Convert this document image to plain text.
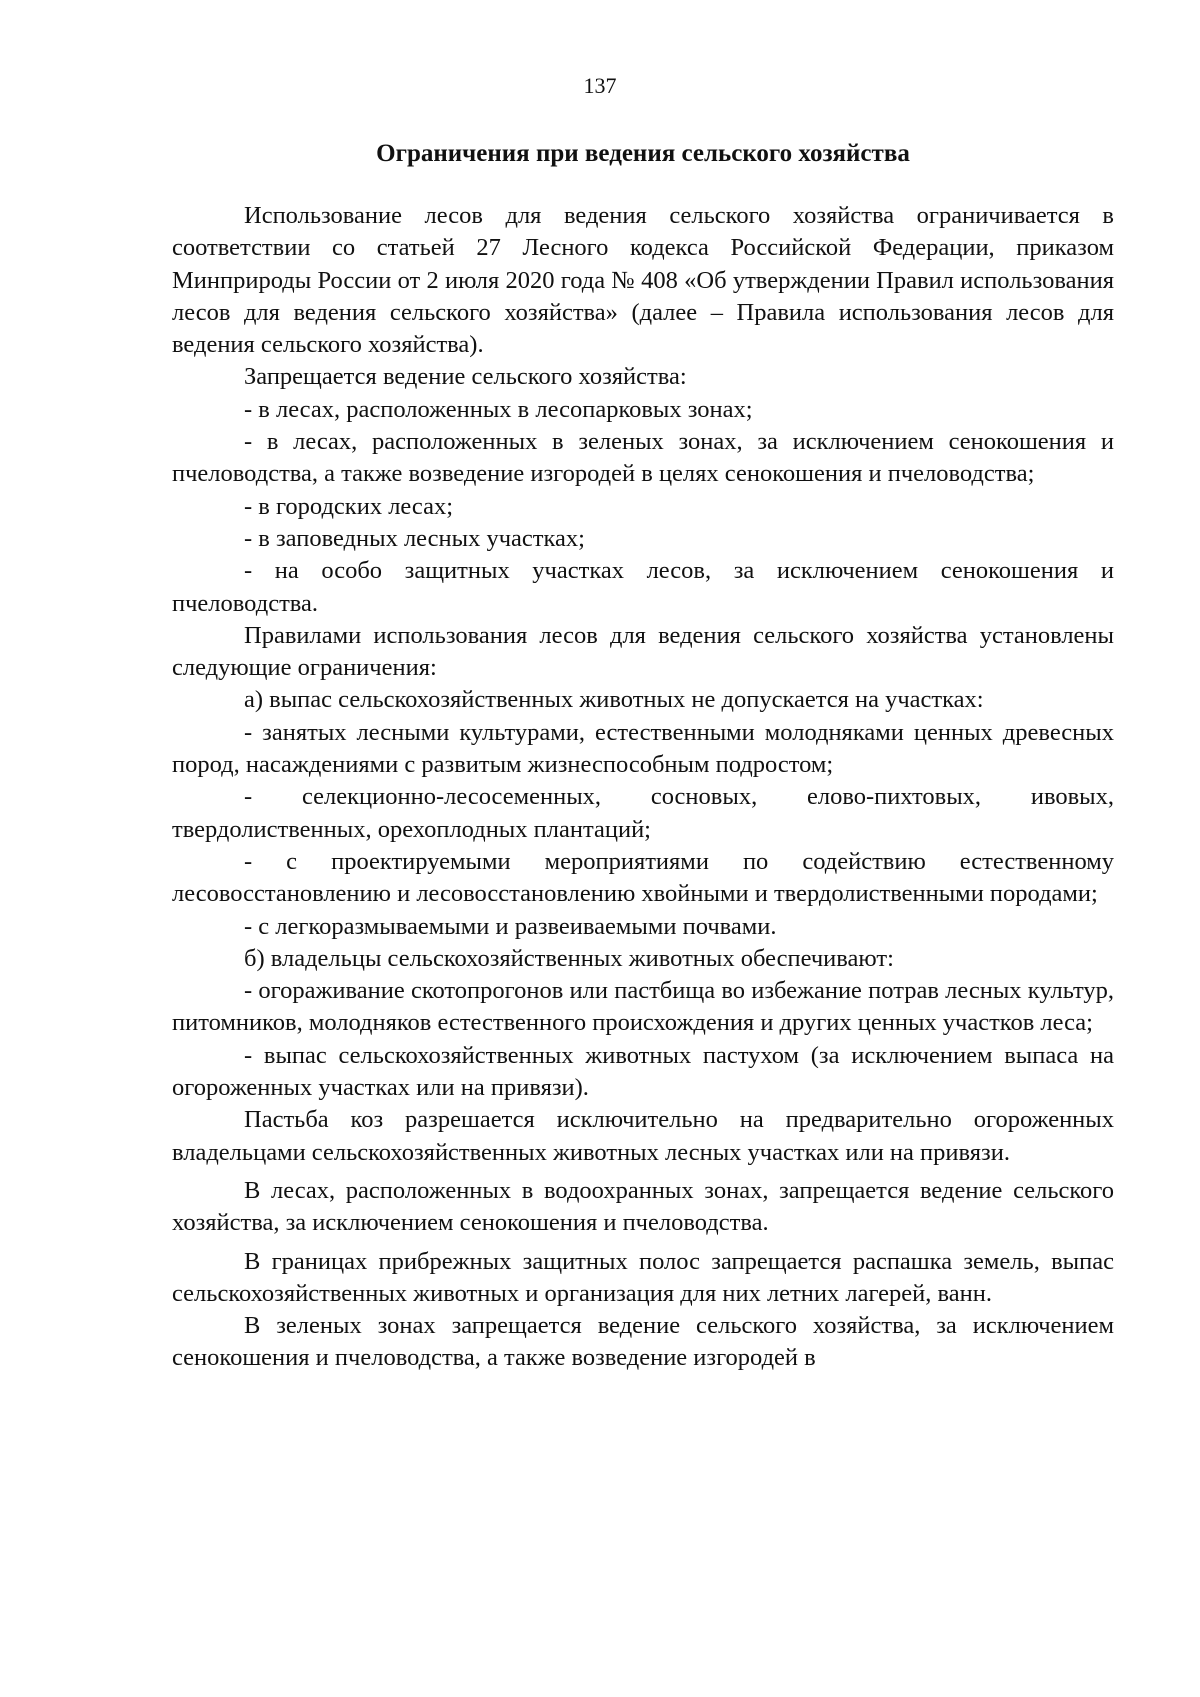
137
Ограничения при ведения сельского хозяйства

Использование лесов для ведения сельского хозяйства ограничивается в соответствии со статьей 27 Лесного кодекса Российской Федерации, приказом Минприроды России от 2 июля 2020 года № 408 «Об утверждении Правил использования лесов для ведения сельского хозяйства» (далее – Правила использования лесов для ведения сельского хозяйства).

Запрещается ведение сельского хозяйства:

- в лесах, расположенных в лесопарковых зонах;

- в лесах, расположенных в зеленых зонах, за исключением сенокошения и пчеловодства, а также возведение изгородей в целях сенокошения и пчеловодства;

- в городских лесах;

- в заповедных лесных участках;

- на особо защитных участках лесов, за исключением сенокошения и пчеловодства.

Правилами использования лесов для ведения сельского хозяйства установлены следующие ограничения:

а) выпас сельскохозяйственных животных не допускается на участках:

- занятых лесными культурами, естественными молодняками ценных древесных пород, насаждениями с развитым жизнеспособным подростом;

- селекционно-лесосеменных, сосновых, елово-пихтовых, ивовых, твердолиственных, орехоплодных плантаций;

- с проектируемыми мероприятиями по содействию естественному лесовосстановлению и лесовосстановлению хвойными и твердолиственными породами;

- с легкоразмываемыми и развеиваемыми почвами.

б) владельцы сельскохозяйственных животных обеспечивают:

- огораживание скотопрогонов или пастбища во избежание потрав лесных культур, питомников, молодняков естественного происхождения и других ценных участков леса;

- выпас сельскохозяйственных животных пастухом (за исключением выпаса на огороженных участках или на привязи).

Пастьба коз разрешается исключительно на предварительно огороженных владельцами сельскохозяйственных животных лесных участках или на привязи.

В лесах, расположенных в водоохранных зонах, запрещается ведение сельского хозяйства, за исключением сенокошения и пчеловодства.

В границах прибрежных защитных полос запрещается распашка земель, выпас сельскохозяйственных животных и организация для них летних лагерей, ванн.

В зеленых зонах запрещается ведение сельского хозяйства, за исключением сенокошения и пчеловодства, а также возведение изгородей в
